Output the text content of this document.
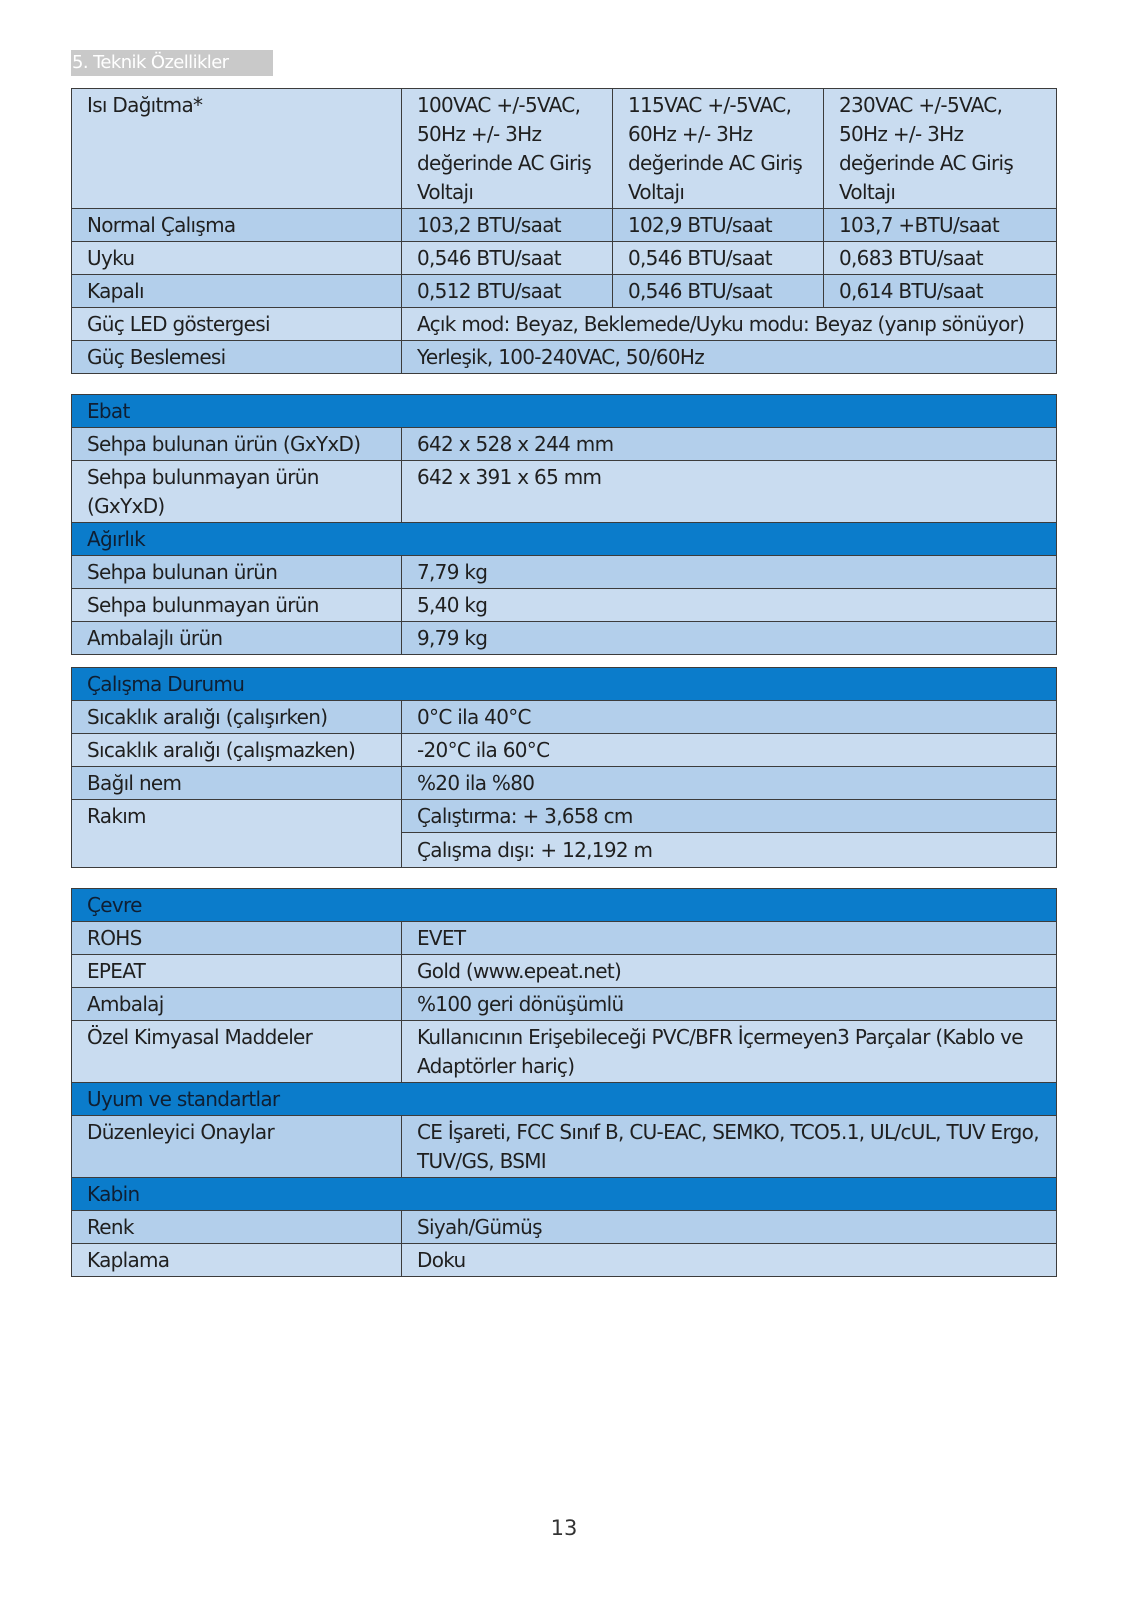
5. Teknik Özellikler
Isı Dağıtma*	100VAC +/-5VAC, 50Hz +/- 3Hz değerinde AC Giriş Voltajı	115VAC +/-5VAC, 60Hz +/- 3Hz değerinde AC Giriş Voltajı	230VAC +/-5VAC, 50Hz +/- 3Hz değerinde AC Giriş Voltajı
Normal Çalışma	103,2 BTU/saat	102,9 BTU/saat	103,7 +BTU/saat
Uyku	0,546 BTU/saat	0,546 BTU/saat	0,683 BTU/saat
Kapalı	0,512 BTU/saat	0,546 BTU/saat	0,614 BTU/saat
Güç LED göstergesi	Açık mod: Beyaz, Beklemede/Uyku modu: Beyaz (yanıp sönüyor)		
Güç Beslemesi	Yerleşik, 100-240VAC, 50/60Hz		
Ebat	
Sehpa bulunan ürün (GxYxD)	642 x 528 x 244 mm
Sehpa bulunmayan ürün (GxYxD)	642 x 391 x 65 mm
Ağırlık	
Sehpa bulunan ürün	7,79 kg
Sehpa bulunmayan ürün	5,40 kg
Ambalajlı ürün	9,79 kg
Çalışma Durumu	
Sıcaklık aralığı (çalışırken)	0°C ila 40°C
Sıcaklık aralığı (çalışmazken)	-20°C ila 60°C
Bağıl nem	%20 ila %80
Rakım	Çalıştırma: + 3,658 cm
	Çalışma dışı: + 12,192 m
Çevre	
ROHS	EVET
EPEAT	Gold (www.epeat.net)
Ambalaj	%100 geri dönüşümlü
Özel Kimyasal Maddeler	Kullanıcının Erişebileceği PVC/BFR İçermeyen3 Parçalar (Kablo ve Adaptörler hariç)
Uyum ve standartlar	
Düzenleyici Onaylar	CE İşareti, FCC Sınıf B, CU-EAC, SEMKO, TCO5.1, UL/cUL, TUV Ergo, TUV/GS, BSMI
Kabin	
Renk	Siyah/Gümüş
Kaplama	Doku
13
